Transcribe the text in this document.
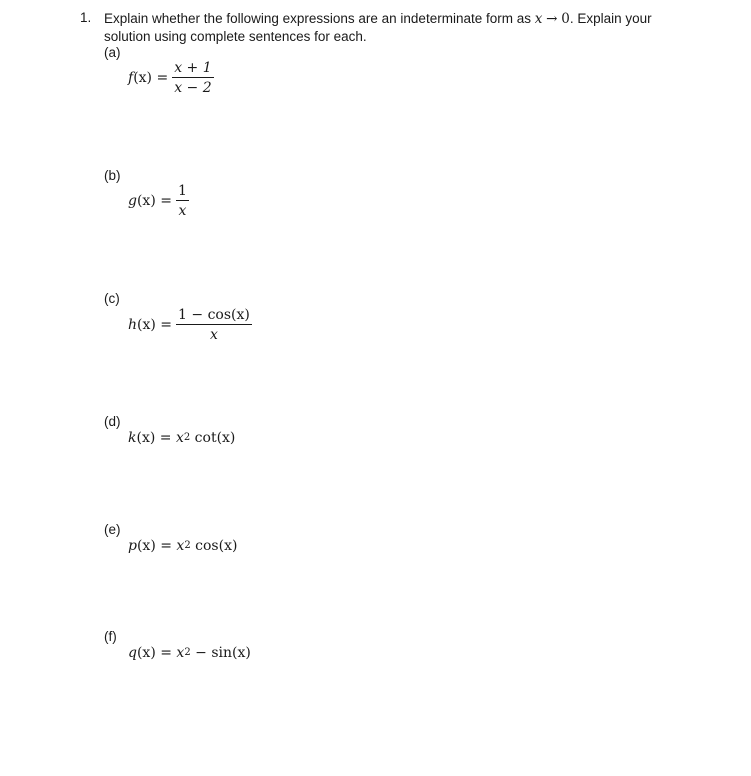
1. Explain whether the following expressions are an indeterminate form as x → 0. Explain your solution using complete sentences for each.
(a)
f $(x) = \frac{x + 1}{x - 2}$
(b)
g $(x) = \frac{1}{x}$
(c)
h $(x) = \frac{1 - \cos(x)}{x}$
(d)
k (x) = x 2 cot(x)
(e)
p (x) = x 2 cos(x)
(f)
q (x) = x 2 − sin(x)
